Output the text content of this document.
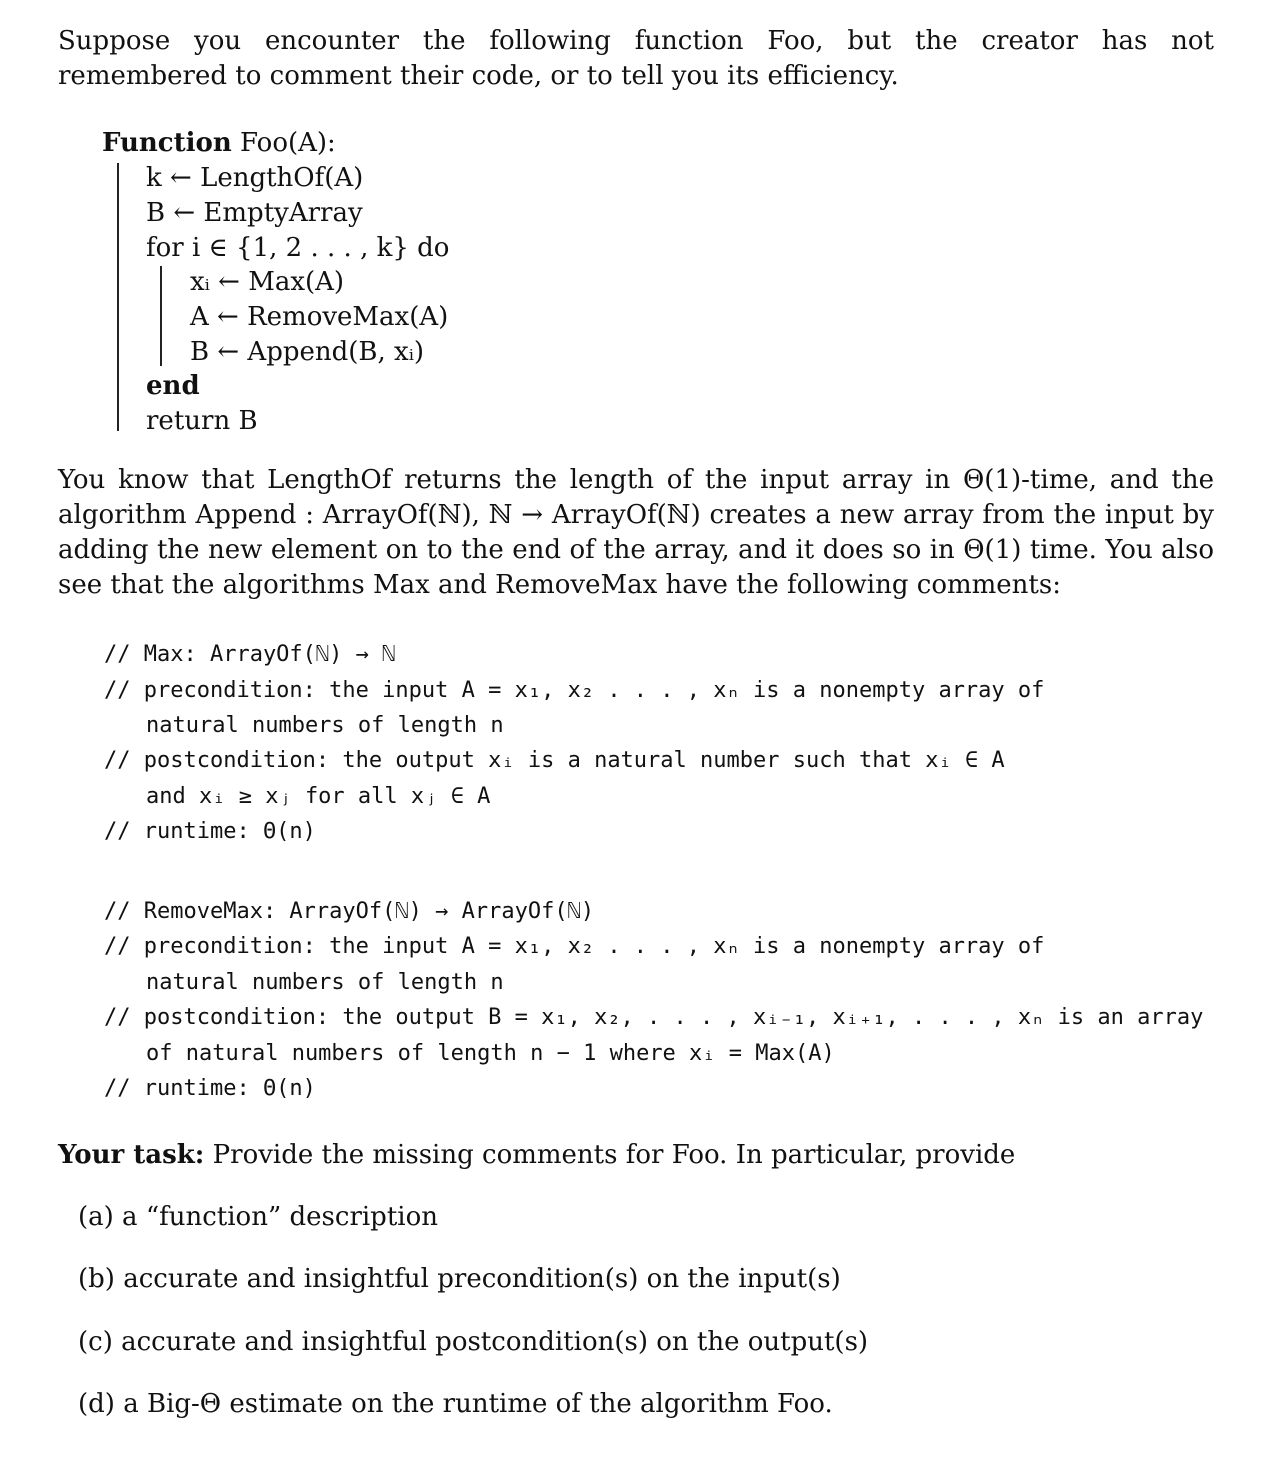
Suppose you encounter the following function Foo, but the creator has not remembered to comment their code, or to tell you its efficiency.
Function Foo(A):
k ← LengthOf(A)
B ← EmptyArray
for i ∈ {1, 2 . . . , k} do
xᵢ ← Max(A)
A ← RemoveMax(A)
B ← Append(B, xᵢ)
end
return B
You know that LengthOf returns the length of the input array in Θ(1)-time, and the algorithm Append : ArrayOf(ℕ), ℕ → ArrayOf(ℕ) creates a new array from the input by adding the new element on to the end of the array, and it does so in Θ(1) time. You also see that the algorithms Max and RemoveMax have the following comments:
// Max: ArrayOf(ℕ) → ℕ
// precondition: the input A = x₁, x₂ . . . , xₙ is a nonempty array of
natural numbers of length n
// postcondition: the output xᵢ is a natural number such that xᵢ ∈ A
and xᵢ ≥ xⱼ for all xⱼ ∈ A
// runtime: Θ(n)
// RemoveMax: ArrayOf(ℕ) → ArrayOf(ℕ)
// precondition: the input A = x₁, x₂ . . . , xₙ is a nonempty array of
natural numbers of length n
// postcondition: the output B = x₁, x₂, . . . , xᵢ₋₁, xᵢ₊₁, . . . , xₙ is an array
of natural numbers of length n − 1 where xᵢ = Max(A)
// runtime: Θ(n)
Your task: Provide the missing comments for Foo. In particular, provide
(a) a “function” description
(b) accurate and insightful precondition(s) on the input(s)
(c) accurate and insightful postcondition(s) on the output(s)
(d) a Big-Θ estimate on the runtime of the algorithm Foo.
